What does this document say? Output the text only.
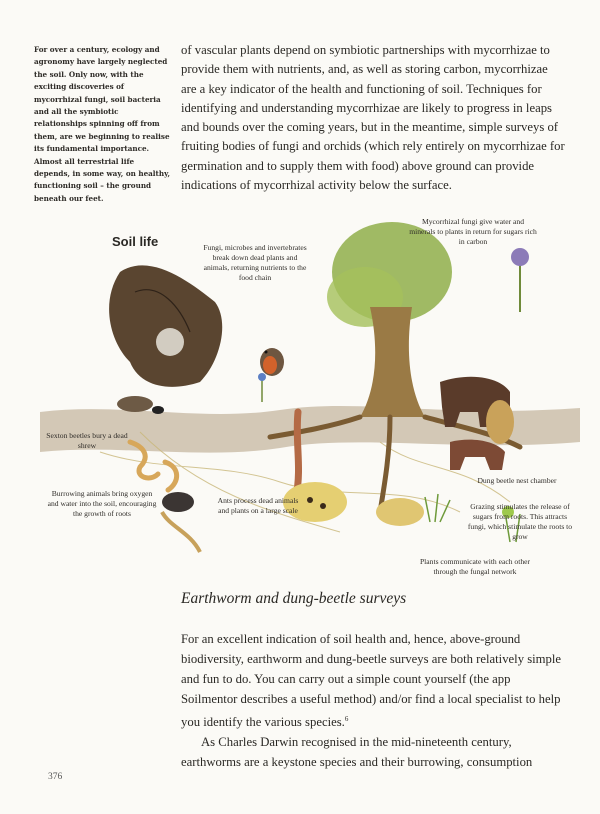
For over a century, ecology and agronomy have largely neglected the soil. Only now, with the exciting discoveries of mycorrhizal fungi, soil bacteria and all the symbiotic relationships spinning off from them, are we beginning to realise its fundamental importance. Almost all terrestrial life depends, in some way, on healthy, functioning soil – the ground beneath our feet.

of vascular plants depend on symbiotic partnerships with mycorrhizae to provide them with nutrients, and, as well as storing carbon, mycorrhizae are a key indicator of the health and functioning of soil. Techniques for identifying and understanding mycorrhizae are likely to progress in leaps and bounds over the coming years, but in the meantime, simple surveys of fruiting bodies of fungi and orchids (which rely entirely on mycorrhizae for germination and to supply them with food) above ground can provide indications of mycorrhizal activity below the surface.

Soil life	Fungi, microbes and invertebrates break down dead plants and animals, returning nutrients to the food chain
Mycorrhizal fungi give water and minerals to plants in return for sugars rich in carbon
Sexton beetles bury a dead shrew
Burrowing animals bring oxygen and water into the soil, encouraging the growth of roots
Ants process dead animals and plants on a large scale
Dung beetle nest chamber
Grazing stimulates the release of sugars from roots. This attracts fungi, which stimulate the roots to grow
Plants communicate with each other through the fungal network
Earthworm and dung-beetle surveys

For an excellent indication of soil health and, hence, above-ground biodiversity, earthworm and dung-beetle surveys are both relatively simple and fun to do. You can carry out a simple count yourself (the app Soilmentor describes a useful method) and/or find a local specialist to help you identify the various species.$^6$

As Charles Darwin recognised in the mid-nineteenth century, earthworms are a keystone species and their burrowing, consumption

376
